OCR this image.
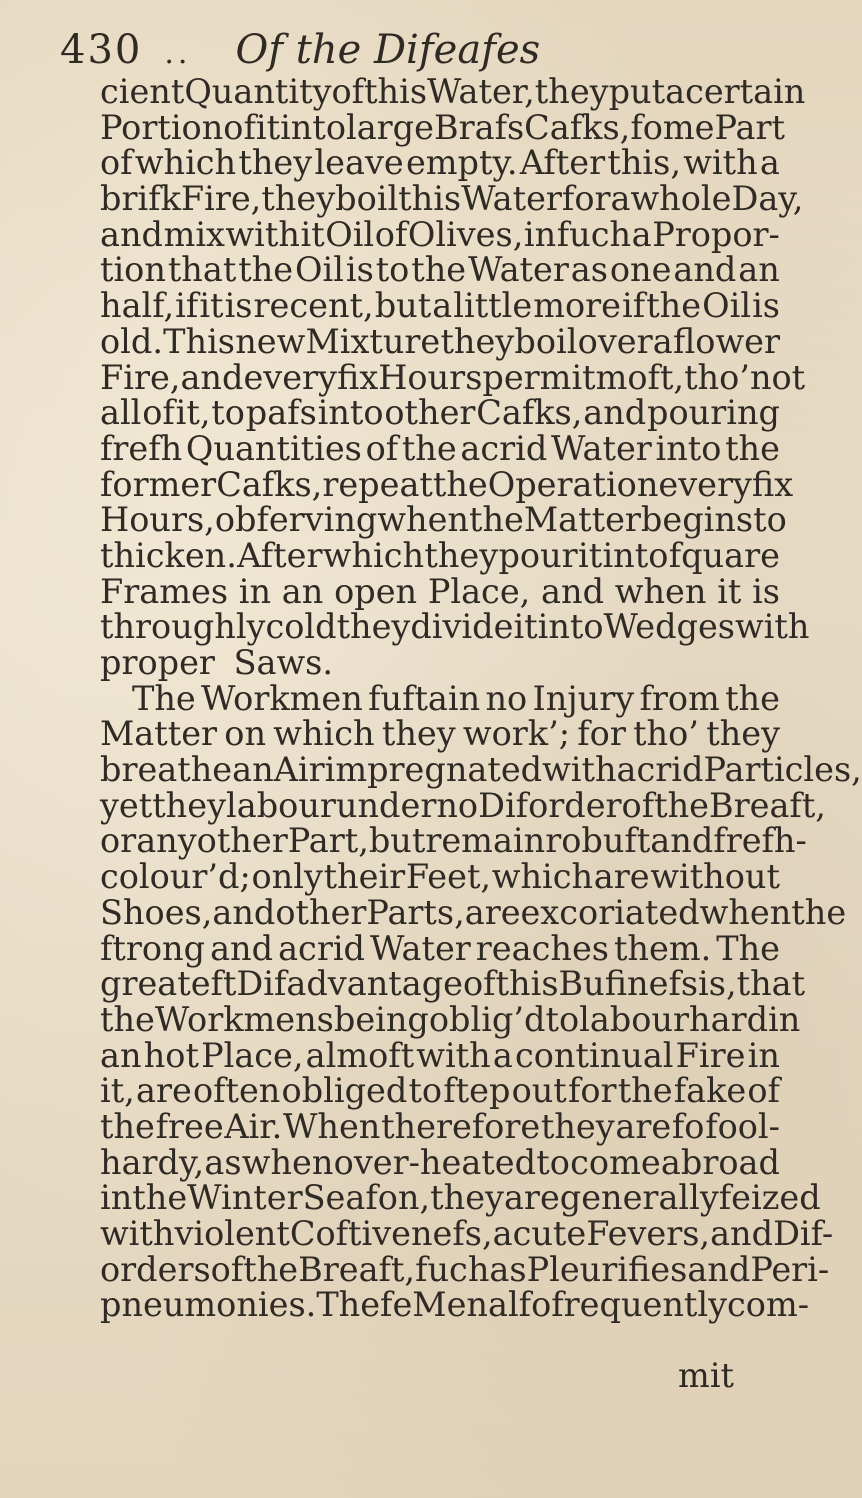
430 .. Of the Difeafes
cient Quantity of this Water, they put a certain
Portion of it into large Brafs Cafks, fome Part
of which they leave empty. After this, with a
brifk Fire, they boil this Water for a whole Day,
and mix with it Oil of Olives, in fuch a Propor-
tion that the Oil is to the Water as one and an
half, if it is recent, but a little more if the Oil is
old. This new Mixture they boil over a flower
Fire, and every fix Hours permit moft, tho’ not
all of it, to pafs into other Cafks, and pouring
frefh Quantities of the acrid Water into the
former Cafks, repeat the Operation every fix
Hours, obferving when the Matter begins to
thicken. After which they pour it into fquare
Frames in an open Place, and when it is
throughly cold they divide it into Wedges with
proper
Saws.
The Workmen fuftain no Injury from the
Matter on which they work’; for tho’ they
breathe an Air impregnated with acrid Particles,
yet they labour under no Diforder of the Breaft,
or any other Part, but remain robuft and frefh-
colour’d; only their Feet, which are without
Shoes, and other Parts, are excoriated when the
ftrong and acrid Water reaches them. The
greateft Difadvantage of this Bufinefs is, that
the Workmens being oblig’d to labour hard in
an hot Place, almoft with a continual Fire in
it, are often obliged to ftep out for the fake of
the free Air. When therefore they are fo fool-
hardy, as when over-heated to come abroad
in the Winter Seafon, they are generally feized
with violent Coftivenefs, acute Fevers, and Dif-
orders of the Breaft, fuch as Pleurifies and Peri-
pneumonies. Thefe Men alfo frequently com-
mit
